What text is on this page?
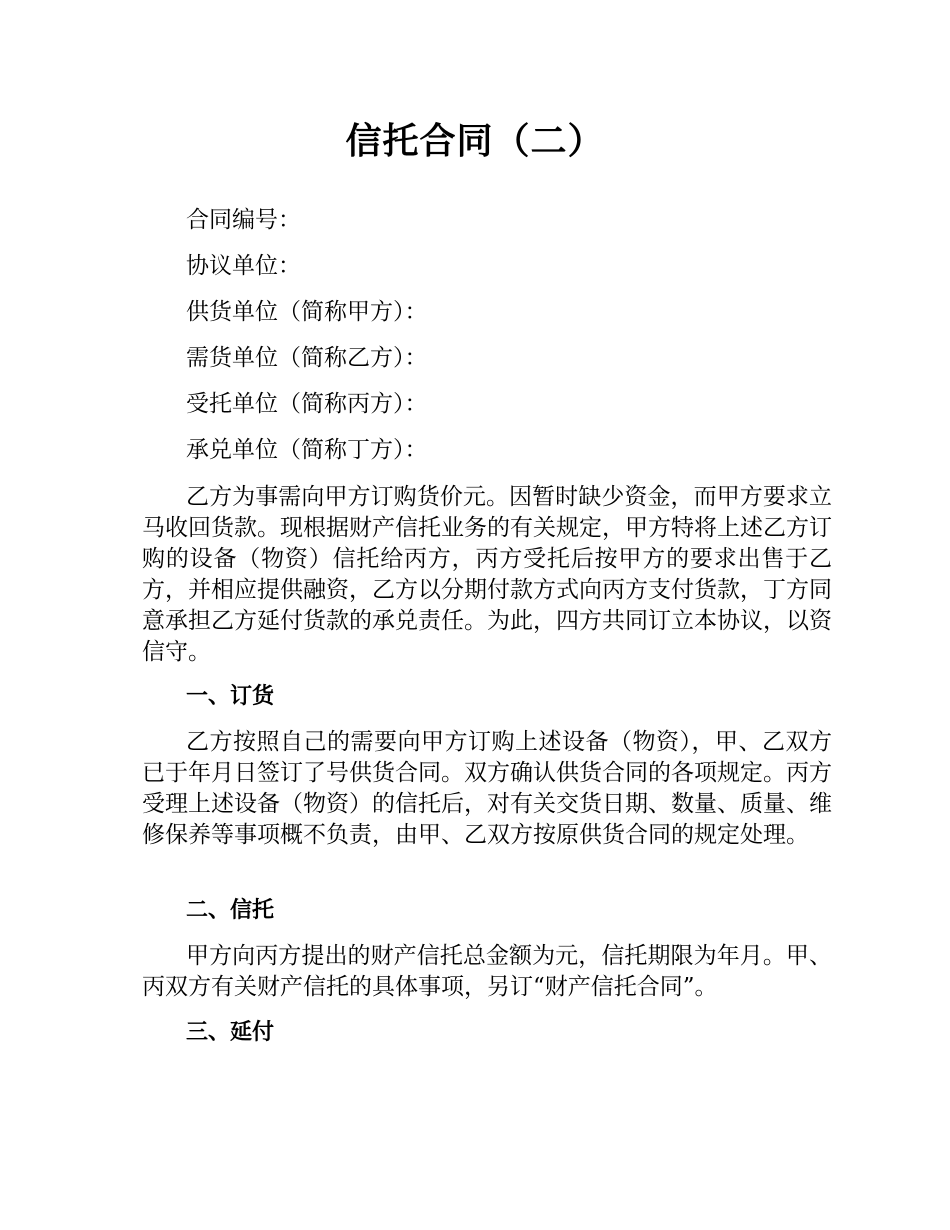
信托合同（二）
合同编号：
协议单位：
供货单位（简称甲方）：
需货单位（简称乙方）：
受托单位（简称丙方）：
承兑单位（简称丁方）：
乙方为事需向甲方订购货价元。因暂时缺少资金，而甲方要求立马收回货款。现根据财产信托业务的有关规定，甲方特将上述乙方订购的设备（物资）信托给丙方，丙方受托后按甲方的要求出售于乙方，并相应提供融资，乙方以分期付款方式向丙方支付货款，丁方同意承担乙方延付货款的承兑责任。为此，四方共同订立本协议，以资信守。
一、订货
乙方按照自己的需要向甲方订购上述设备（物资），甲、乙双方已于年月日签订了号供货合同。双方确认供货合同的各项规定。丙方受理上述设备（物资）的信托后，对有关交货日期、数量、质量、维修保养等事项概不负责，由甲、乙双方按原供货合同的规定处理。
二、信托
甲方向丙方提出的财产信托总金额为元，信托期限为年月。甲、丙双方有关财产信托的具体事项，另订“财产信托合同”。
三、延付
